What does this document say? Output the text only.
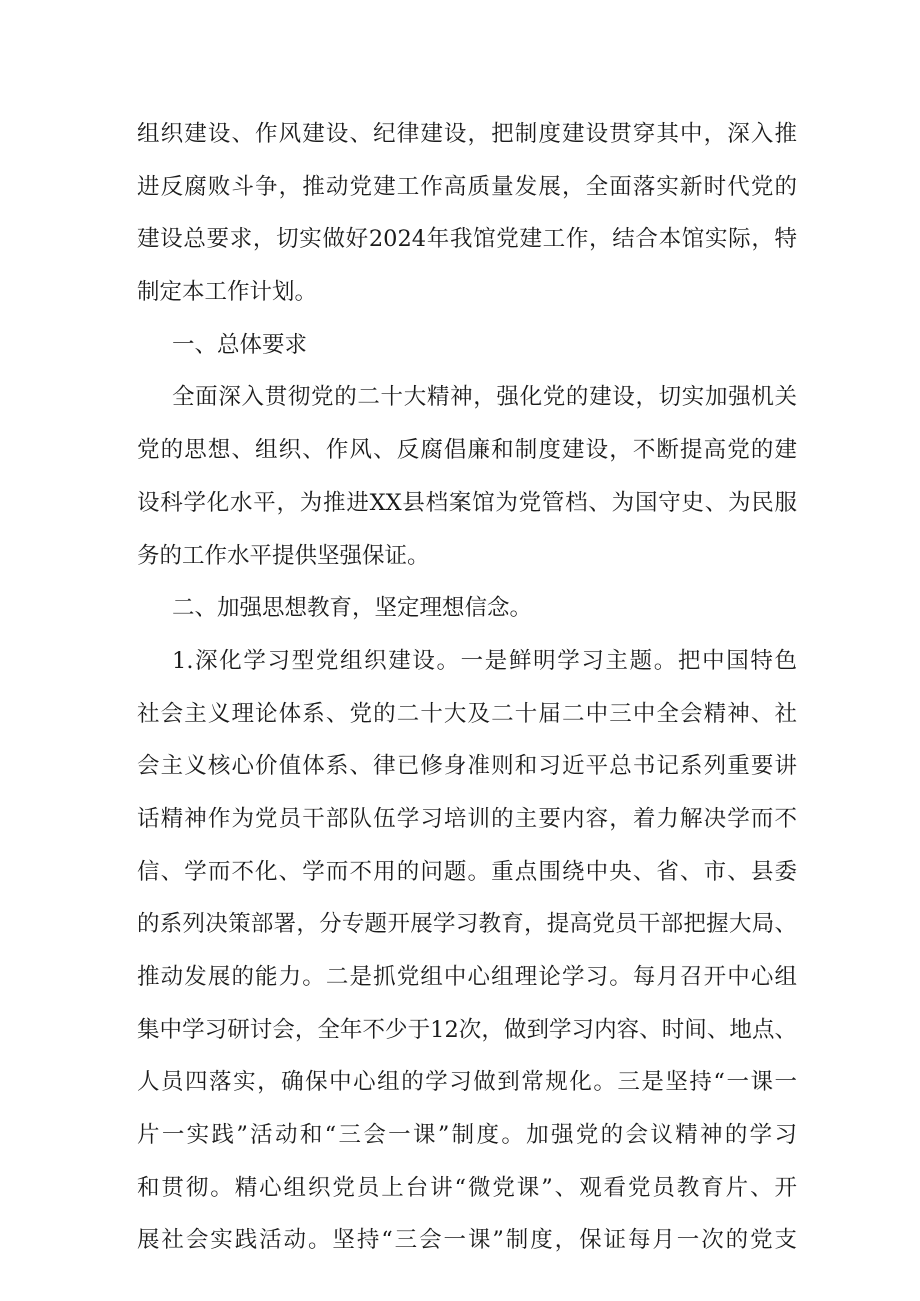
组织建设、作风建设、纪律建设，把制度建设贯穿其中，深入推
进反腐败斗争，推动党建工作高质量发展，全面落实新时代党的
建设总要求，切实做好2024年我馆党建工作，结合本馆实际，特
制定本工作计划。
一、总体要求
全面深入贯彻党的二十大精神，强化党的建设，切实加强机关
党的思想、组织、作风、反腐倡廉和制度建设，不断提高党的建
设科学化水平，为推进XX县档案馆为党管档、为国守史、为民服
务的工作水平提供坚强保证。
二、加强思想教育，坚定理想信念。
1.深化学习型党组织建设。一是鲜明学习主题。把中国特色
社会主义理论体系、党的二十大及二十届二中三中全会精神、社
会主义核心价值体系、律已修身准则和习近平总书记系列重要讲
话精神作为党员干部队伍学习培训的主要内容，着力解决学而不
信、学而不化、学而不用的问题。重点围绕中央、省、市、县委
的系列决策部署，分专题开展学习教育，提高党员干部把握大局、
推动发展的能力。二是抓党组中心组理论学习。每月召开中心组
集中学习研讨会，全年不少于12次，做到学习内容、时间、地点、
人员四落实，确保中心组的学习做到常规化。三是坚持“一课一
片一实践”活动和“三会一课”制度。加强党的会议精神的学习
和贯彻。精心组织党员上台讲“微党课”、观看党员教育片、开
展社会实践活动。坚持“三会一课”制度，保证每月一次的党支
